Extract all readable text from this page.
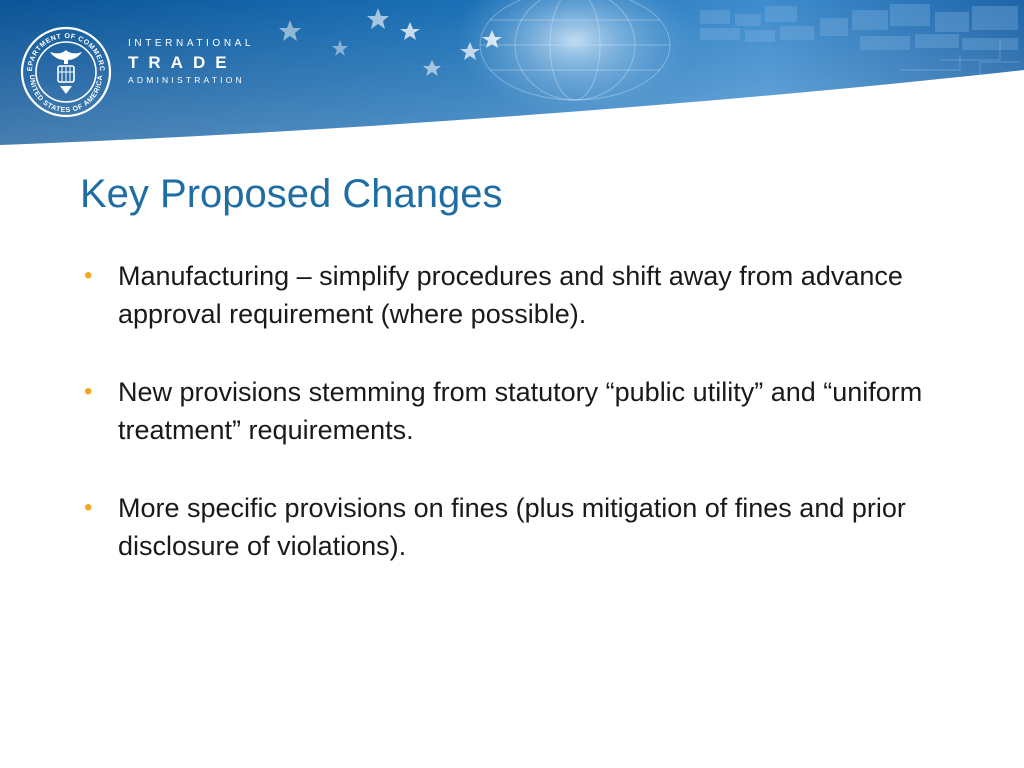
EPARTMENT OF COMMERC
UNITED STATES OF AMERICA
INTERNATIONAL
TRADE
ADMINISTRATION
Key Proposed Changes
• Manufacturing – simplify procedures and shift away from advance approval requirement (where possible).
• New provisions stemming from statutory “public utility” and “uniform treatment” requirements.
• More specific provisions on fines (plus mitigation of fines and prior disclosure of violations).
